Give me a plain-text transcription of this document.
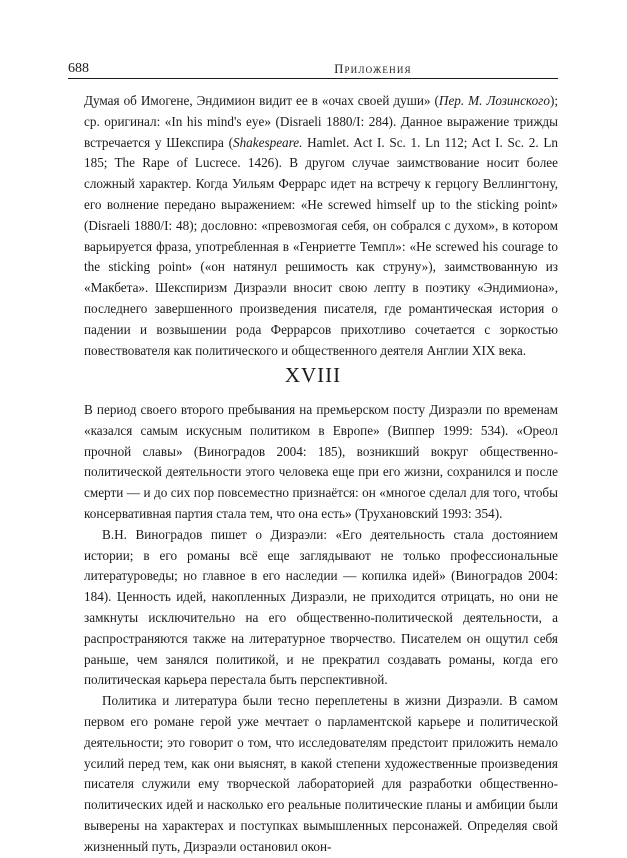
688	Приложения

Думая об Имогене, Эндимион видит ее в «очах своей души» (Пер. М. Лозинского); ср. оригинал: «In his mind's eye» (Disraeli 1880/I: 284). Данное выражение трижды встречается у Шекспира (Shakespeare. Hamlet. Act I. Sc. 1. Ln 112; Act I. Sc. 2. Ln 185; The Rape of Lucrece. 1426). В другом случае заимствование носит более сложный характер. Когда Уильям Феррарс идет на встречу к герцогу Веллингтону, его волнение передано выражением: «He screwed himself up to the sticking point» (Disraeli 1880/I: 48); дословно: «превозмогая себя, он собрался с духом», в котором варьируется фраза, употребленная в «Генриетте Темпл»: «He screwed his courage to the sticking point» («он натянул решимость как струну»), заимствованную из «Макбета». Шекспиризм Дизраэли вносит свою лепту в поэтику «Эндимиона», последнего завершенного произведения писателя, где романтическая история о падении и возвышении рода Феррарсов прихотливо сочетается с зоркостью повествователя как политического и общественного деятеля Англии XIX века.

XVIII

В период своего второго пребывания на премьерском посту Дизраэли по временам «казался самым искусным политиком в Европе» (Виппер 1999: 534). «Ореол прочной славы» (Виноградов 2004: 185), возникший вокруг общественно-политической деятельности этого человека еще при его жизни, сохранился и после смерти — и до сих пор повсеместно признаётся: он «многое сделал для того, чтобы консервативная партия стала тем, что она есть» (Трухановский 1993: 354).

В.Н. Виноградов пишет о Дизраэли: «Его деятельность стала достоянием истории; в его романы всё еще заглядывают не только профессиональные литературоведы; но главное в его наследии — копилка идей» (Виноградов 2004: 184). Ценность идей, накопленных Дизраэли, не приходится отрицать, но они не замкнуты исключительно на его общественно-политической деятельности, а распространяются также на литературное творчество. Писателем он ощутил себя раньше, чем занялся политикой, и не прекратил создавать романы, когда его политическая карьера перестала быть перспективной.

Политика и литература были тесно переплетены в жизни Дизраэли. В самом первом его романе герой уже мечтает о парламентской карьере и политической деятельности; это говорит о том, что исследователям предстоит приложить немало усилий перед тем, как они выяснят, в какой степени художественные произведения писателя служили ему творческой лабораторией для разработки общественно-политических идей и насколько его реальные политические планы и амбиции были выверены на характерах и поступках вымышленных персонажей. Определяя свой жизненный путь, Дизраэли остановил окон-
